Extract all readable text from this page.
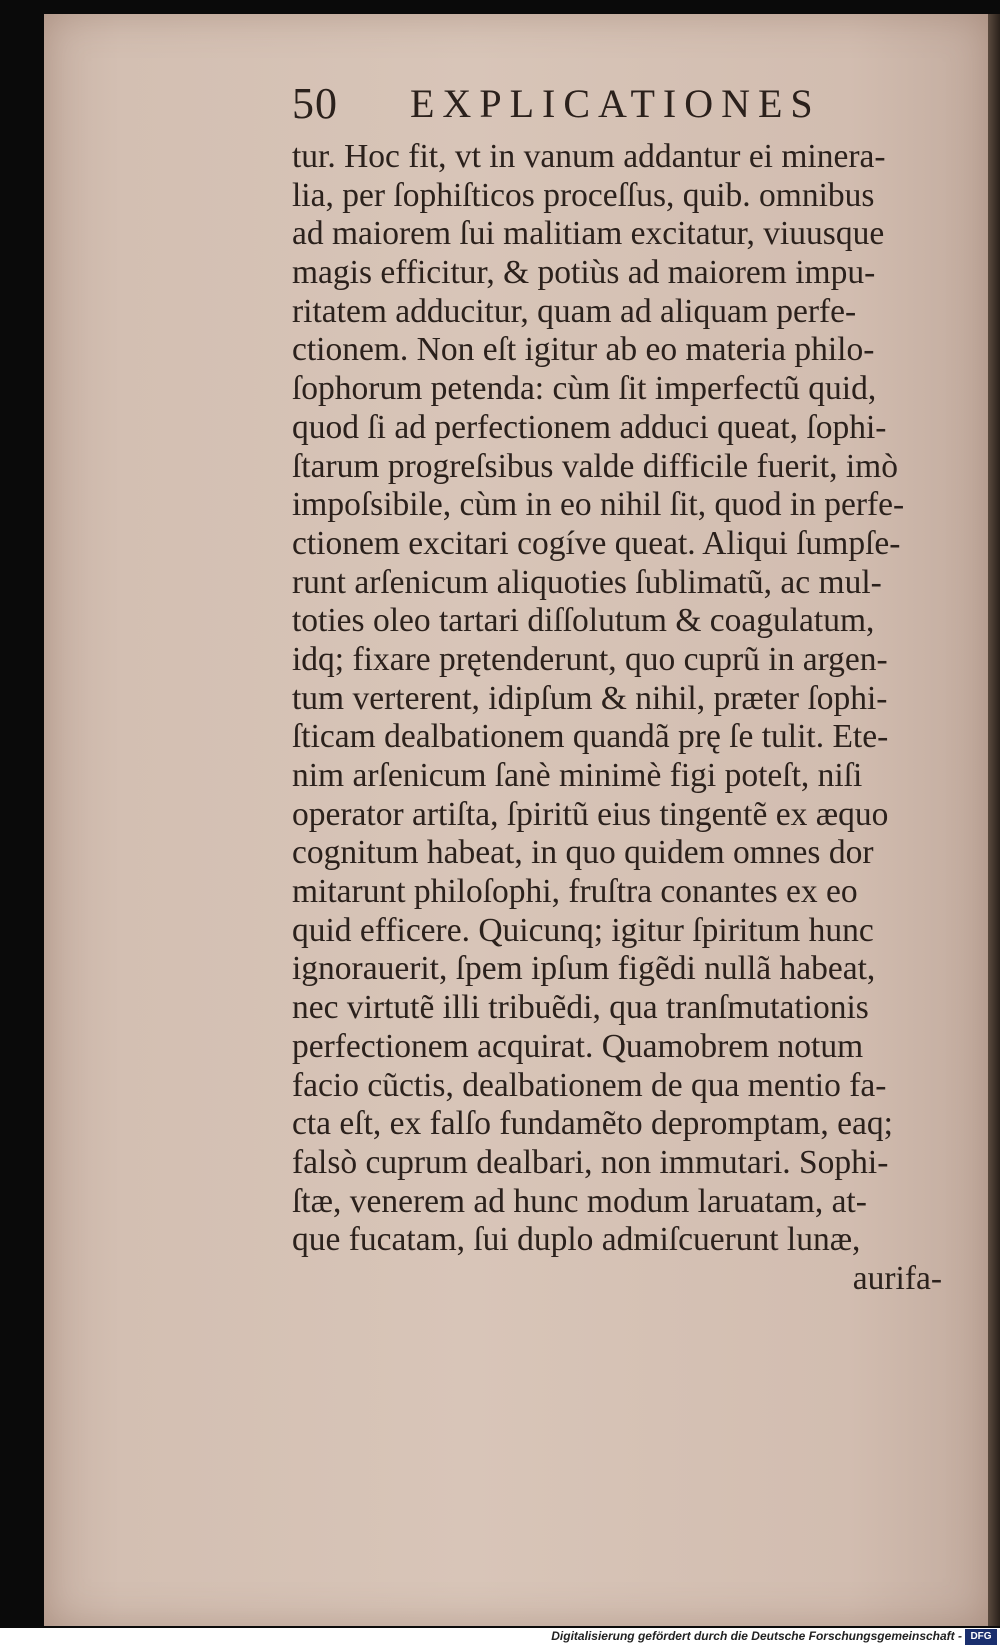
50 EXPLICATIONES
tur. Hoc fit, vt in vanum addantur ei minera-
lia, per ſophiſticos proceſſus, quib. omnibus
ad maiorem ſui malitiam excitatur, viuusque
magis efficitur, & potiùs ad maiorem impu-
ritatem adducitur, quam ad aliquam perfe-
ctionem. Non eſt igitur ab eo materia philo-
ſophorum petenda: cùm ſit imperfectũ quid,
quod ſi ad perfectionem adduci queat, ſophi-
ſtarum progreſsibus valde difficile fuerit, imò
impoſsibile, cùm in eo nihil ſit, quod in perfe-
ctionem excitari cogíve queat. Aliqui ſumpſe-
runt arſenicum aliquoties ſublimatũ, ac mul-
toties oleo tartari diſſolutum & coagulatum,
idq; fixare prętenderunt, quo cuprũ in argen-
tum verterent, idipſum & nihil, præter ſophi-
ſticam dealbationem quandã prę ſe tulit. Ete-
nim arſenicum ſanè minimè figi poteſt, niſi
operator artiſta, ſpiritũ eius tingentẽ ex æquo
cognitum habeat, in quo quidem omnes dor
mitarunt philoſophi, fruſtra conantes ex eo
quid efficere. Quicunq; igitur ſpiritum hunc
ignorauerit, ſpem ipſum figẽdi nullã habeat,
nec virtutẽ illi tribuẽdi, qua tranſmutationis
perfectionem acquirat. Quamobrem notum
facio cũctis, dealbationem de qua mentio fa-
cta eſt, ex falſo fundamẽto depromptam, eaq;
falsò cuprum dealbari, non immutari. Sophi-
ſtæ, venerem ad hunc modum laruatam, at-
que fucatam, ſui duplo admiſcuerunt lunæ,
aurifa-
Digitalisierung gefördert durch die Deutsche Forschungsgemeinschaft - DFG
